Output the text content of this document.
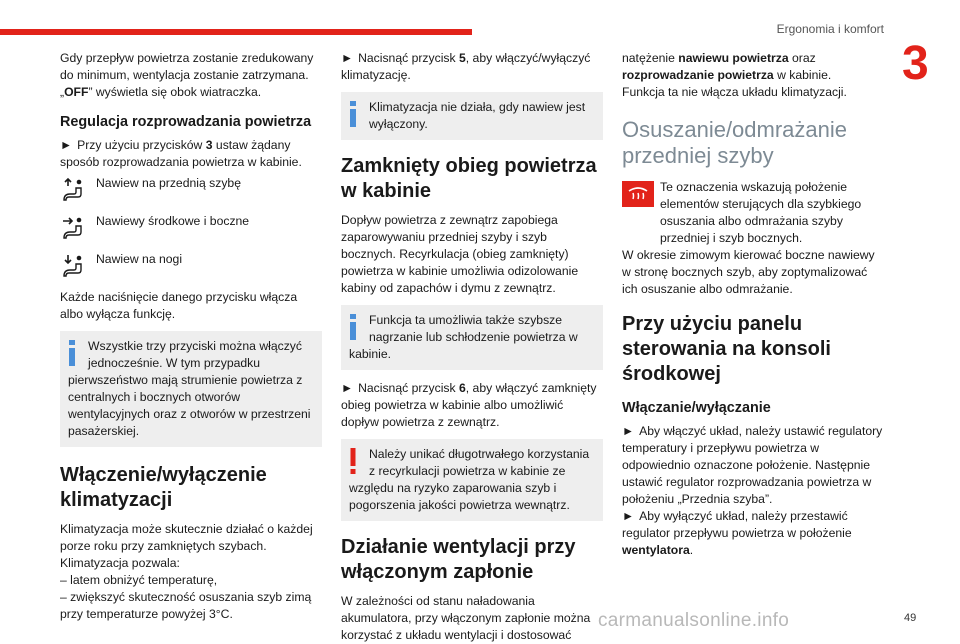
Ergonomia i komfort
3

Gdy przepływ powietrza zostanie zredukowany do minimum, wentylacja zostanie zatrzymana.
„OFF” wyświetla się obok wiatraczka.

Regulacja rozprowadzania powietrza

► Przy użyciu przycisków 3 ustaw żądany sposób rozprowadzania powietrza w kabinie.

Nawiew na przednią szybę
Nawiewy środkowe i boczne
Nawiew na nogi

Każde naciśnięcie danego przycisku włącza albo wyłącza funkcję.

Wszystkie trzy przyciski można włączyć jednocześnie. W tym przypadku pierwszeństwo mają strumienie powietrza z centralnych i bocznych otworów wentylacyjnych oraz z otworów w przestrzeni pasażerskiej.
Włączenie/wyłączenie klimatyzacji

Klimatyzacja może skutecznie działać o każdej porze roku przy zamkniętych szybach.

Klimatyzacja pozwala:

– latem obniżyć temperaturę,

– zwiększyć skuteczność osuszania szyb zimą przy temperaturze powyżej 3°C.

► Nacisnąć przycisk 5, aby włączyć/wyłączyć klimatyzację.

Klimatyzacja nie działa, gdy nawiew jest wyłączony.
Zamknięty obieg powietrza w kabinie

Dopływ powietrza z zewnątrz zapobiega zaparowywaniu przedniej szyby i szyb bocznych. Recyrkulacja (obieg zamknięty) powietrza w kabinie umożliwia odizolowanie kabiny od zapachów i dymu z zewnątrz.

Funkcja ta umożliwia także szybsze nagrzanie lub schłodzenie powietrza w kabinie.

► Nacisnąć przycisk 6, aby włączyć zamknięty obieg powietrza w kabinie albo umożliwić dopływ powietrza z zewnątrz.

Należy unikać długotrwałego korzystania z recyrkulacji powietrza w kabinie ze względu na ryzyko zaparowania szyb i pogorszenia jakości powietrza wewnątrz.
Działanie wentylacji przy włączonym zapłonie

W zależności od stanu naładowania akumulatora, przy włączonym zapłonie można korzystać z układu wentylacji i dostosować

natężenie nawiewu powietrza oraz rozprowadzanie powietrza w kabinie.

Funkcja ta nie włącza układu klimatyzacji.

Osuszanie/odmrażanie przedniej szyby
Te oznaczenia wskazują położenie elementów sterujących dla szybkiego osuszania albo odmrażania szyby przedniej i szyb bocznych.

W okresie zimowym kierować boczne nawiewy w stronę bocznych szyb, aby zoptymalizować ich osuszanie albo odmrażanie.

Przy użyciu panelu sterowania na konsoli środkowej
Włączanie/wyłączanie

► Aby włączyć układ, należy ustawić regulatory temperatury i przepływu powietrza w odpowiednio oznaczone położenie. Następnie ustawić regulator rozprowadzania powietrza w położeniu „Przednia szyba”.

► Aby wyłączyć układ, należy przestawić regulator przepływu powietrza w położenie wentylatora.

carmanualsonline.info	49
